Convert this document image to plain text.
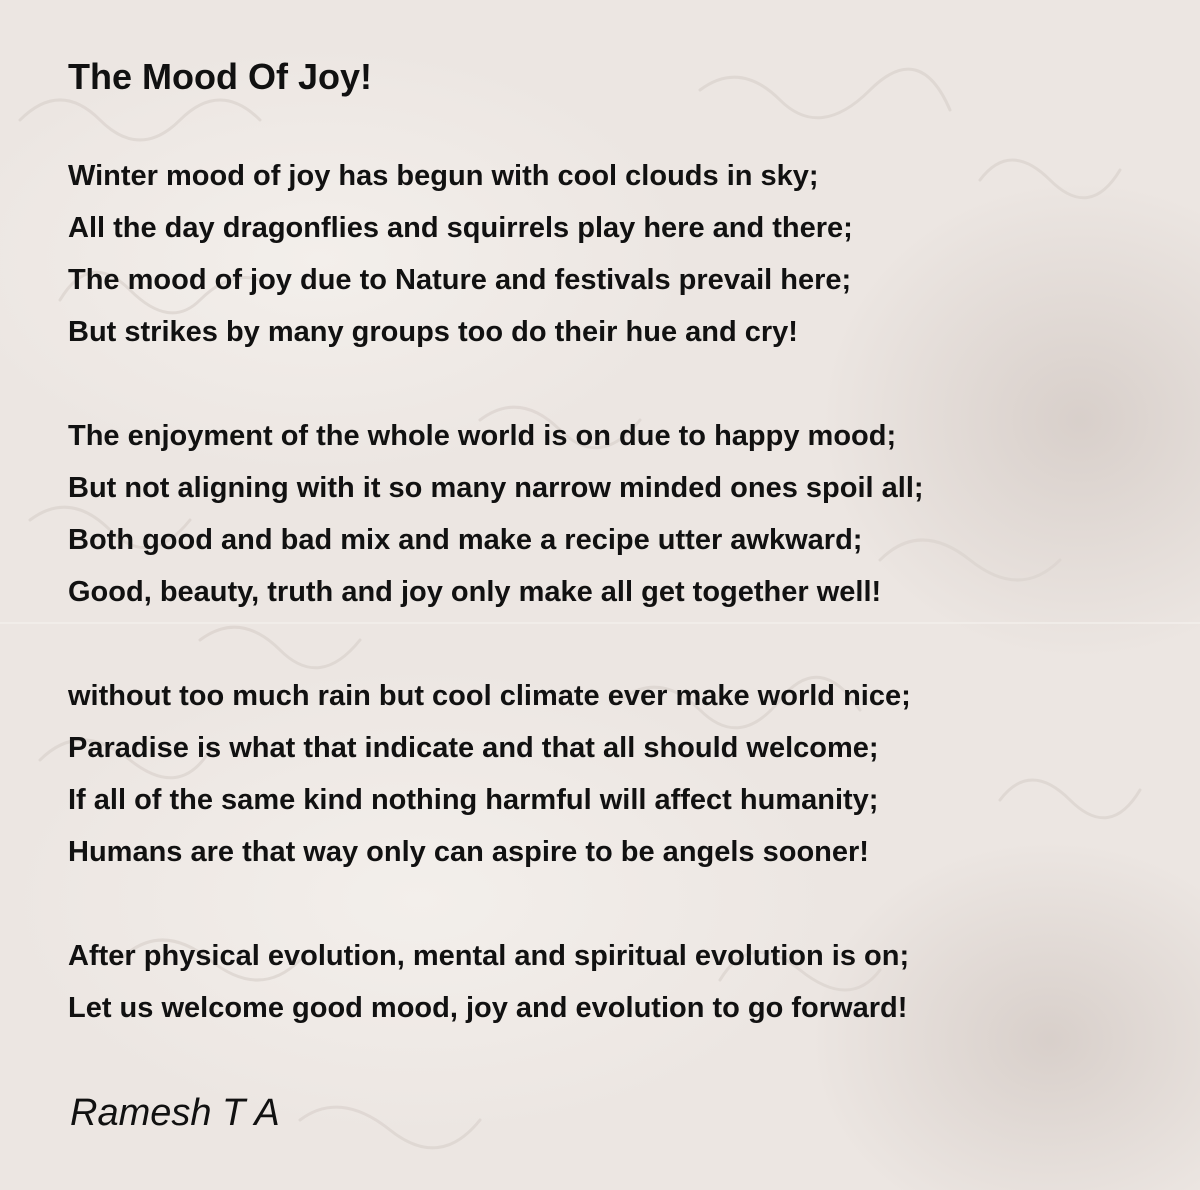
The Mood Of Joy!
Winter mood of joy has begun with cool clouds in sky;
All the day dragonflies and squirrels play here and there;
The mood of joy due to Nature and festivals prevail here;
But strikes by many groups too do their hue and cry!
The enjoyment of the whole world is on due to happy mood;
But not aligning with it so many narrow minded ones spoil all;
Both good and bad mix and make a recipe utter awkward;
Good, beauty, truth and joy only make all get together well!
without too much rain but cool climate ever make world nice;
Paradise is what that indicate and that all should welcome;
If all of the same kind nothing harmful will affect humanity;
Humans are that way only can aspire to be angels sooner!
After physical evolution, mental and spiritual evolution is on;
Let us welcome good mood, joy and evolution to go forward!
Ramesh T A
